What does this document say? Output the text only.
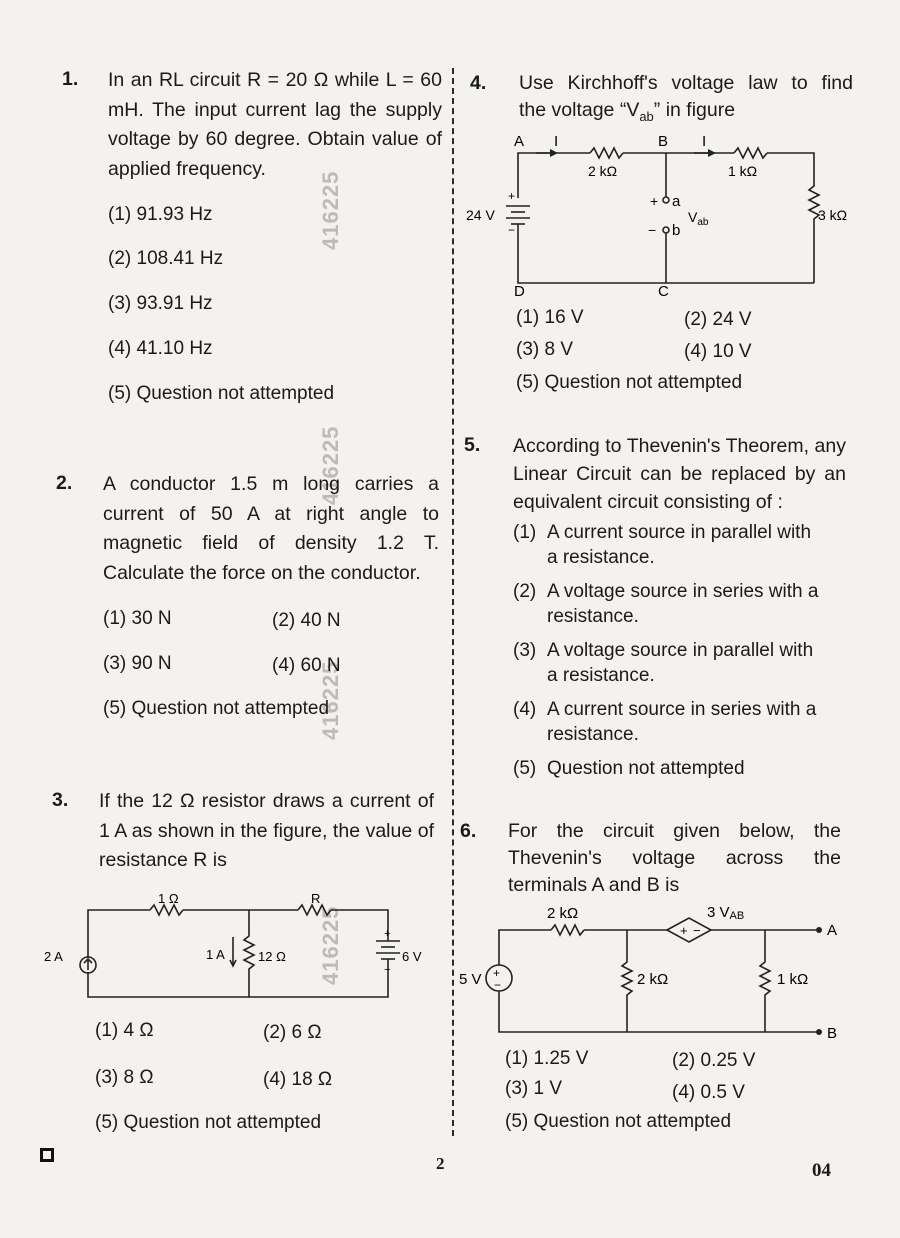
416225
416225
416225
416225
1. In an RL circuit R = 20 Ω while L = 60 mH. The input current lag the supply voltage by 60 degree. Obtain value of applied frequency.
(1) 91.93 Hz
(2) 108.41 Hz
(3) 93.91 Hz
(4) 41.10 Hz
(5) Question not attempted
2. A conductor 1.5 m long carries a current of 50 A at right angle to magnetic field of density 1.2 T. Calculate the force on the conductor.
(1) 30 N	(2) 40 N
(3) 90 N	(4) 60 N
(5) Question not attempted
3. If the 12 Ω resistor draws a current of 1 A as shown in the figure, the value of resistance R is
1 Ω	R
2 A	1 A	12 Ω
+
−
6 V
(1) 4 Ω	(2) 6 Ω
(3) 8 Ω	(4) 18 Ω
(5) Question not attempted
4. Use Kirchhoff's voltage law to find
the voltage “$V_{ab}$” in figure
A I	B I
2 kΩ	1 kΩ
3 kΩ
24 V
+
−
+ a
− b
$V_{ab}$
D	C
(1) 16 V	(2) 24 V
(3) 8 V	(4) 10 V
(5) Question not attempted
5. According to Thevenin's Theorem, any Linear Circuit can be replaced by an equivalent circuit consisting of :
(1) A current source in parallel with
a resistance.
(2) A voltage source in series with a
resistance.
(3) A voltage source in parallel with
a resistance.
(4) A current source in series with a
resistance.
(5) Question not attempted
6. For the circuit given below, the Thevenin's voltage across the terminals A and B is
+
−
+ −
2 kΩ	3 VAB
5 V	2 kΩ	1 kΩ
A
B
(1) 1.25 V	(2) 0.25 V
(3) 1 V	(4) 0.5 V
(5) Question not attempted
2	04
